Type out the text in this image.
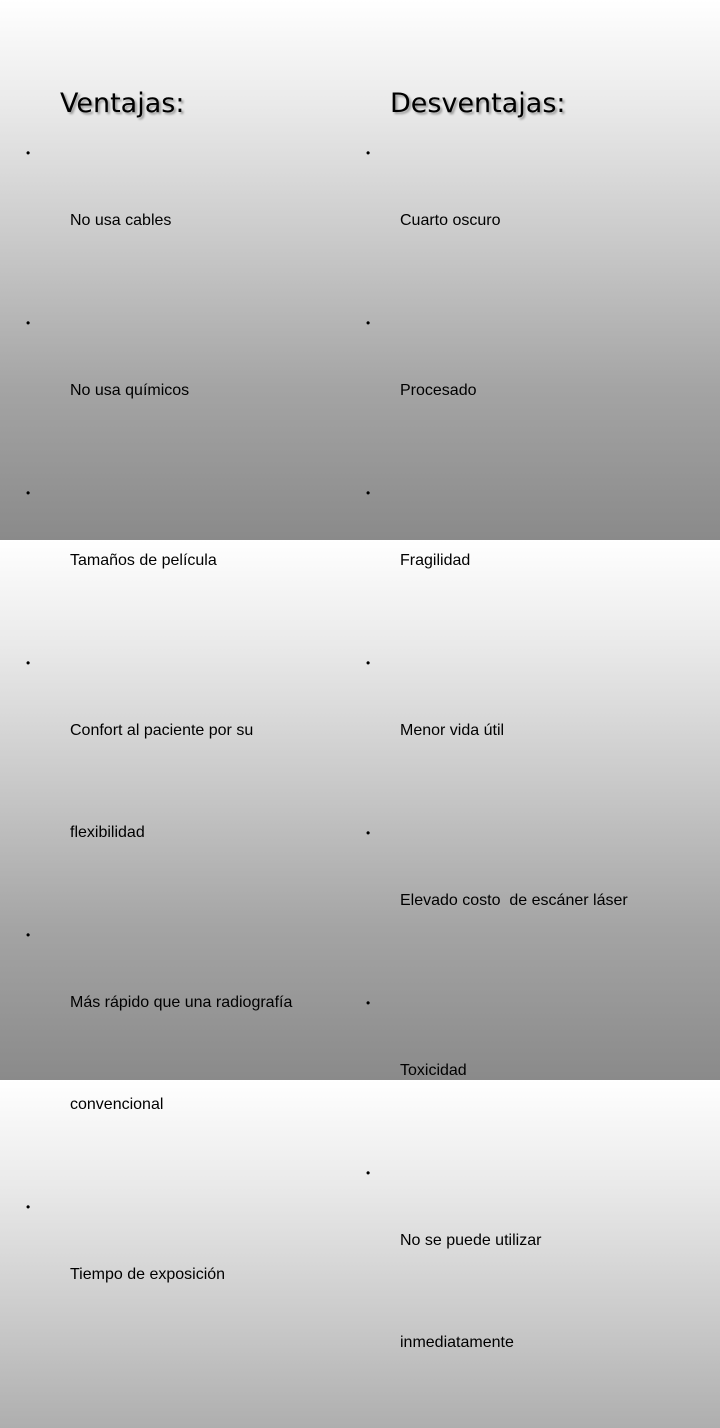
Ventajas:	Desventajas:
•

No usa cables

•

No usa químicos

•

Tamaños de película

•

Confort al paciente por su

flexibilidad

•

Más rápido que una radiografía

convencional

•

Tiempo de exposición

•

Cuarto oscuro

•

Procesado

•

Fragilidad

•

Menor vida útil

•

Elevado costo  de escáner láser

•

Toxicidad

•

No se puede utilizar

inmediatamente
